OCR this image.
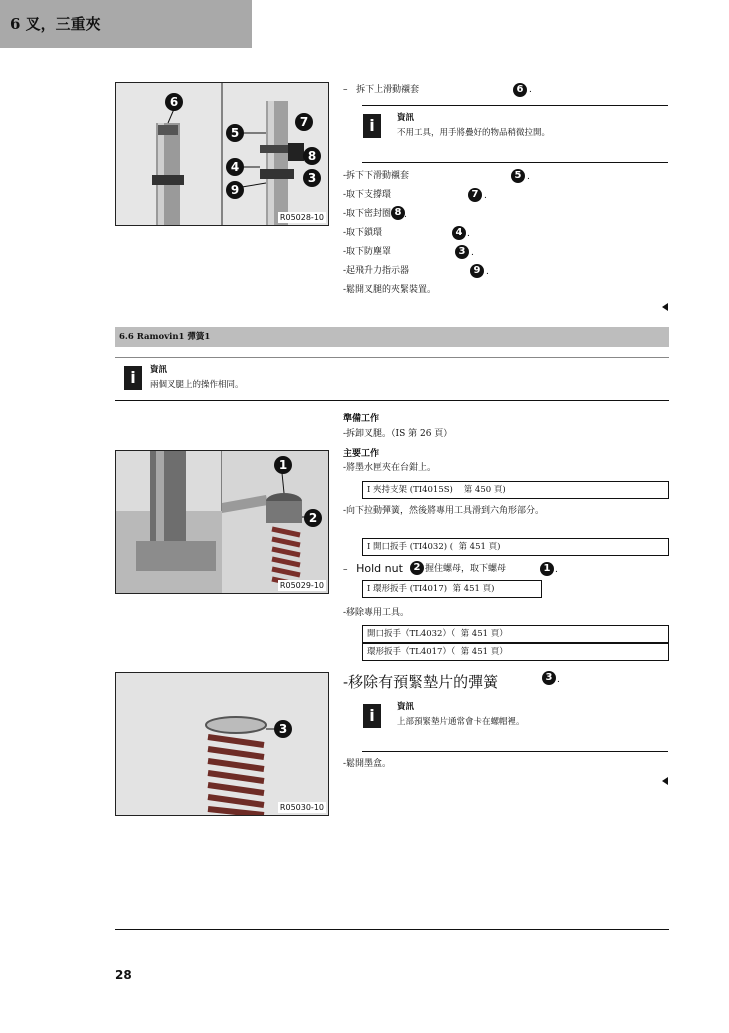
6 叉，三重夾
6
5
7
8
4
3
9
R05028-10
–   拆下上滑動襯套	6 .
i	資訊
不用工具，用手將疊好的物品稍微拉開。
-拆下下滑動襯套	5 .
-取下支撐環	7 .
-取下密封圈 8 .
-取下鎖環	4 .
-取下防塵罩	3 .
-起飛升力指示器	9 .
-鬆開叉腿的夾緊裝置。
6.6 Ramovin1 彈簧1
i	資訊
兩個叉腿上的操作相同。
準備工作
-拆卸叉腿。（IS 第 26 頁）
主要工作
-將墨水匣夾在台鉗上。
I 夾持支架 (TI4015S) 第 450 頁)
-向下拉動彈簧，然後將專用工具滑到六角形部分。
I 開口扳手 (TI4032) ( 第 451 頁)
–   Hold nut	2 握住螺母，取下螺母	1 .
I 環形扳手 (TI4017) 第 451 頁)
-移除專用工具。
開口扳手（TL4032）（ 第 451 頁）
環形扳手（TL4017）（ 第 451 頁）
1
2
R05029-10
3
R05030-10
-移除有預緊墊片的彈簧	3 .
i	資訊
上部預緊墊片通常會卡在螺帽裡。
-鬆開墨盒。
28
